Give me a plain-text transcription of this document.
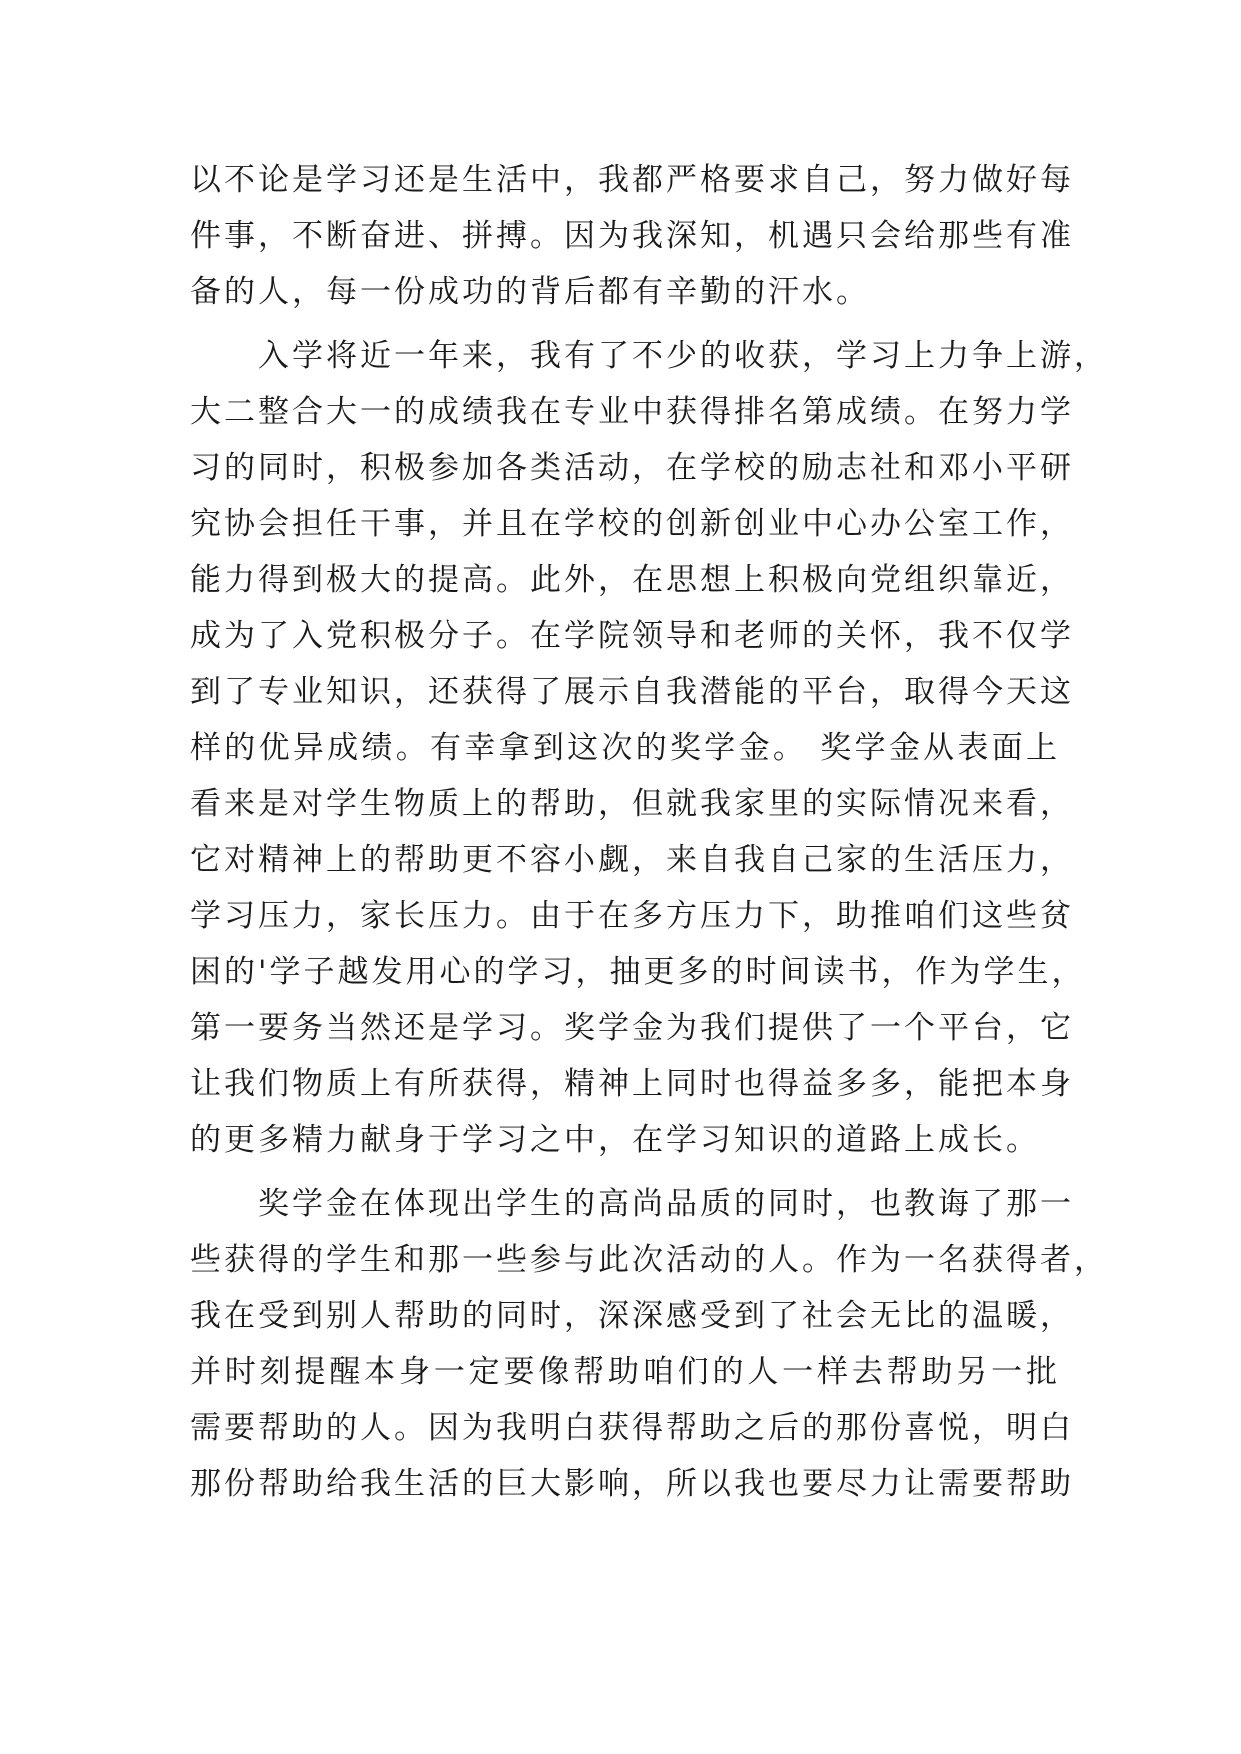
以不论是学习还是生活中，我都严格要求自己，努力做好每
件事，不断奋进、拼搏。因为我深知，机遇只会给那些有准
备的人，每一份成功的背后都有辛勤的汗水。
　　入学将近一年来，我有了不少的收获，学习上力争上游，
大二整合大一的成绩我在专业中获得排名第成绩。在努力学
习的同时，积极参加各类活动，在学校的励志社和邓小平研
究协会担任干事，并且在学校的创新创业中心办公室工作，
能力得到极大的提高。此外，在思想上积极向党组织靠近，
成为了入党积极分子。在学院领导和老师的关怀，我不仅学
到了专业知识，还获得了展示自我潜能的平台，取得今天这
样的优异成绩。有幸拿到这次的奖学金。 奖学金从表面上
看来是对学生物质上的帮助，但就我家里的实际情况来看，
它对精神上的帮助更不容小觑，来自我自己家的生活压力，
学习压力，家长压力。由于在多方压力下，助推咱们这些贫
困的'学子越发用心的学习，抽更多的时间读书，作为学生，
第一要务当然还是学习。奖学金为我们提供了一个平台，它
让我们物质上有所获得，精神上同时也得益多多，能把本身
的更多精力献身于学习之中，在学习知识的道路上成长。
　　奖学金在体现出学生的高尚品质的同时，也教诲了那一
些获得的学生和那一些参与此次活动的人。作为一名获得者，
我在受到别人帮助的同时，深深感受到了社会无比的温暖，
并时刻提醒本身一定要像帮助咱们的人一样去帮助另一批
需要帮助的人。因为我明白获得帮助之后的那份喜悦，明白
那份帮助给我生活的巨大影响，所以我也要尽力让需要帮助
